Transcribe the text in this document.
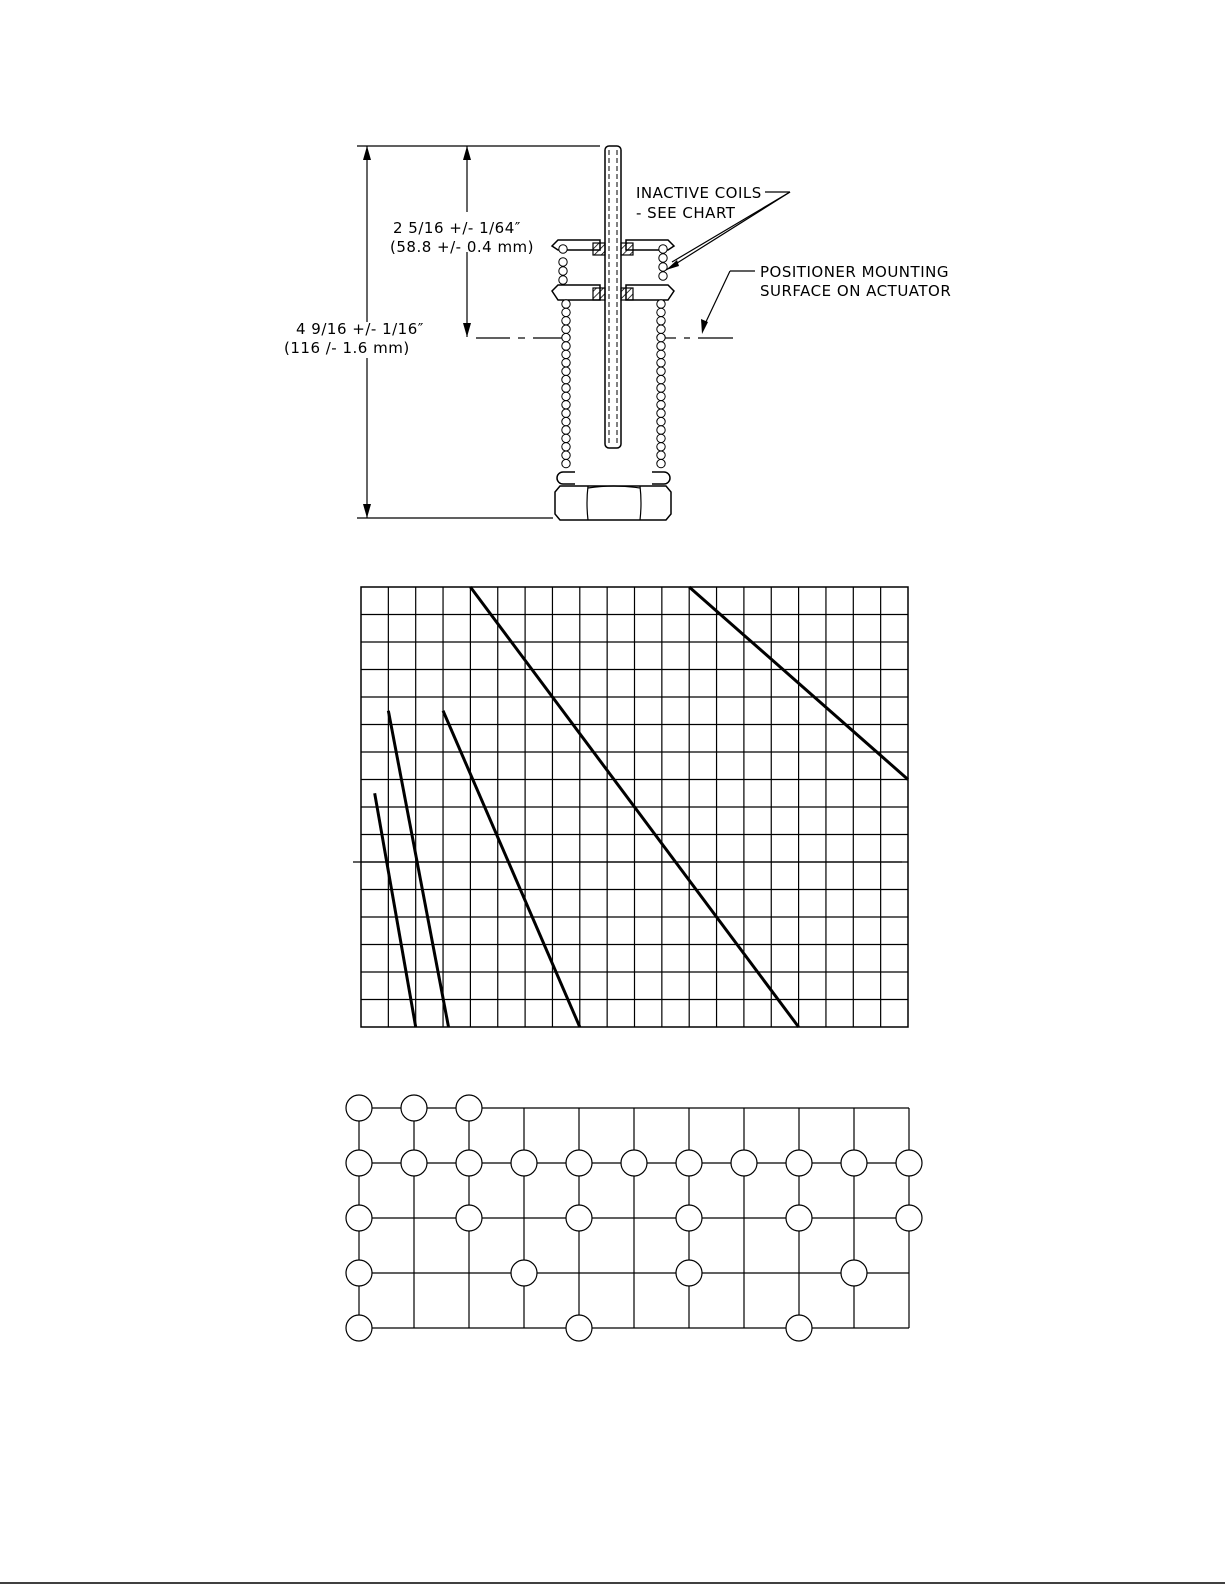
2 5/16 +/- 1/64″
(58.8 +/- 0.4 mm)
4 9/16 +/- 1/16″
(116 /- 1.6 mm)
INACTIVE COILS
- SEE CHART
POSITIONER MOUNTING
SURFACE ON ACTUATOR
